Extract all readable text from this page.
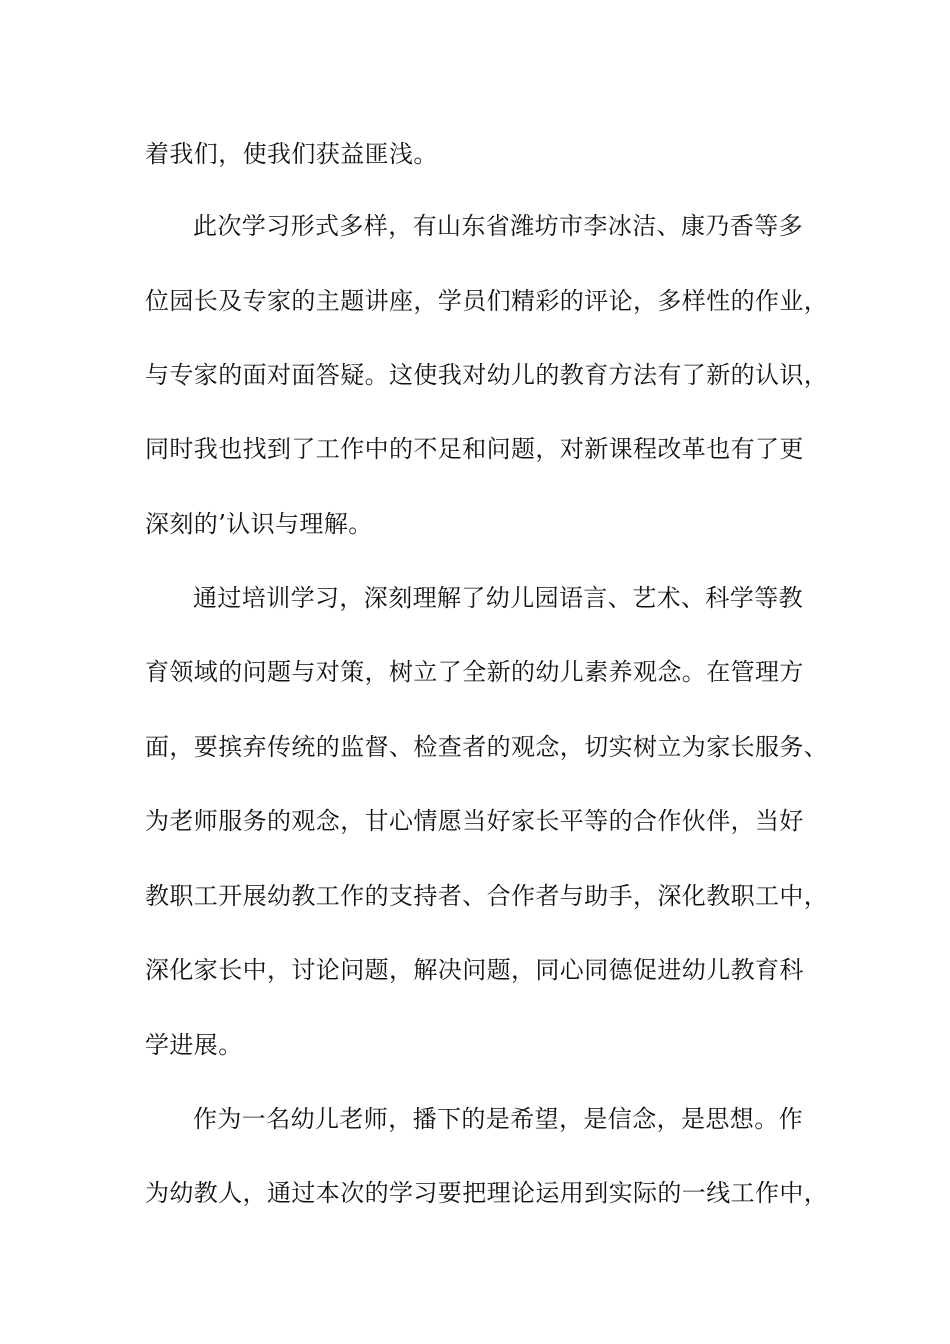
着我们，使我们获益匪浅。

此次学习形式多样，有山东省潍坊市李冰洁、康乃香等多

位园长及专家的主题讲座，学员们精彩的评论，多样性的作业，

与专家的面对面答疑。这使我对幼儿的教育方法有了新的认识，

同时我也找到了工作中的不足和问题，对新课程改革也有了更

深刻的’认识与理解。

通过培训学习，深刻理解了幼儿园语言、艺术、科学等教

育领域的问题与对策，树立了全新的幼儿素养观念。在管理方

面，要摈弃传统的监督、检查者的观念，切实树立为家长服务、

为老师服务的观念，甘心情愿当好家长平等的合作伙伴，当好

教职工开展幼教工作的支持者、合作者与助手，深化教职工中，

深化家长中，讨论问题，解决问题，同心同德促进幼儿教育科

学进展。

作为一名幼儿老师，播下的是希望，是信念，是思想。作

为幼教人，通过本次的学习要把理论运用到实际的一线工作中，
